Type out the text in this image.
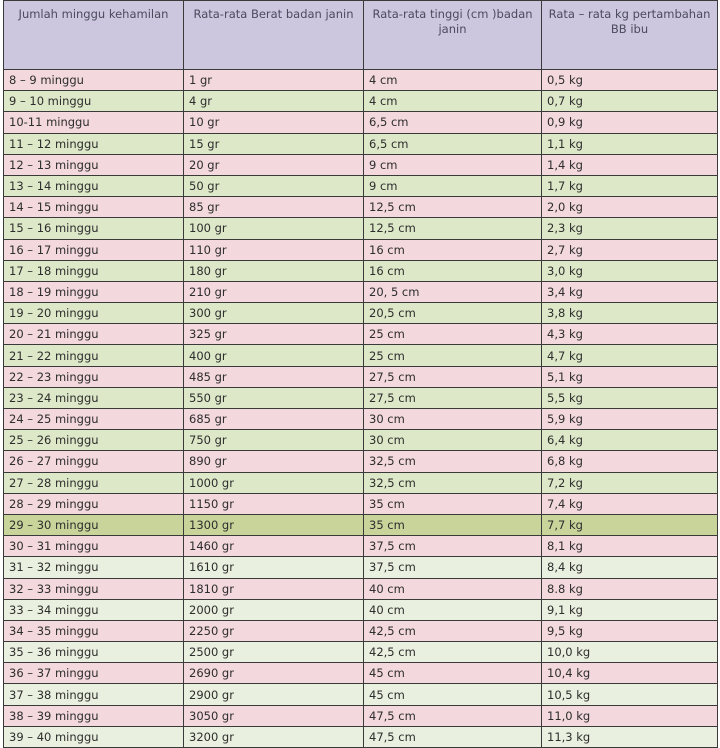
Jumlah minggu kehamilan	Rata-rata Berat badan janin	Rata-rata tinggi (cm )badan janin	Rata – rata kg pertambahan BB ibu
8 – 9 minggu	1 gr	4 cm	0,5 kg
9 – 10 minggu	4 gr	4 cm	0,7 kg
10-11 minggu	10 gr	6,5 cm	0,9 kg
11 – 12 minggu	15 gr	6,5 cm	1,1 kg
12 – 13 minggu	20 gr	9 cm	1,4 kg
13 – 14 minggu	50 gr	9 cm	1,7 kg
14 – 15 minggu	85 gr	12,5 cm	2,0 kg
15 – 16 minggu	100 gr	12,5 cm	2,3 kg
16 – 17 minggu	110 gr	16 cm	2,7 kg
17 – 18 minggu	180 gr	16 cm	3,0 kg
18 – 19 minggu	210 gr	20, 5 cm	3,4 kg
19 – 20 minggu	300 gr	20,5 cm	3,8 kg
20 – 21 minggu	325 gr	25 cm	4,3 kg
21 – 22 minggu	400 gr	25 cm	4,7 kg
22 – 23 minggu	485 gr	27,5 cm	5,1 kg
23 – 24 minggu	550 gr	27,5 cm	5,5 kg
24 – 25 minggu	685 gr	30 cm	5,9 kg
25 – 26 minggu	750 gr	30 cm	6,4 kg
26 – 27 minggu	890 gr	32,5 cm	6,8 kg
27 – 28 minggu	1000 gr	32,5 cm	7,2 kg
28 – 29 minggu	1150 gr	35 cm	7,4 kg
29 – 30 minggu	1300 gr	35 cm	7,7 kg
30 – 31 minggu	1460 gr	37,5 cm	8,1 kg
31 – 32 minggu	1610 gr	37,5 cm	8,4 kg
32 – 33 minggu	1810 gr	40 cm	8.8 kg
33 – 34 minggu	2000 gr	40 cm	9,1 kg
34 – 35 minggu	2250 gr	42,5 cm	9,5 kg
35 – 36 minggu	2500 gr	42,5 cm	10,0 kg
36 – 37 minggu	2690 gr	45 cm	10,4 kg
37 – 38 minggu	2900 gr	45 cm	10,5 kg
38 – 39 minggu	3050 gr	47,5 cm	11,0 kg
39 – 40 minggu	3200 gr	47,5 cm	11,3 kg
